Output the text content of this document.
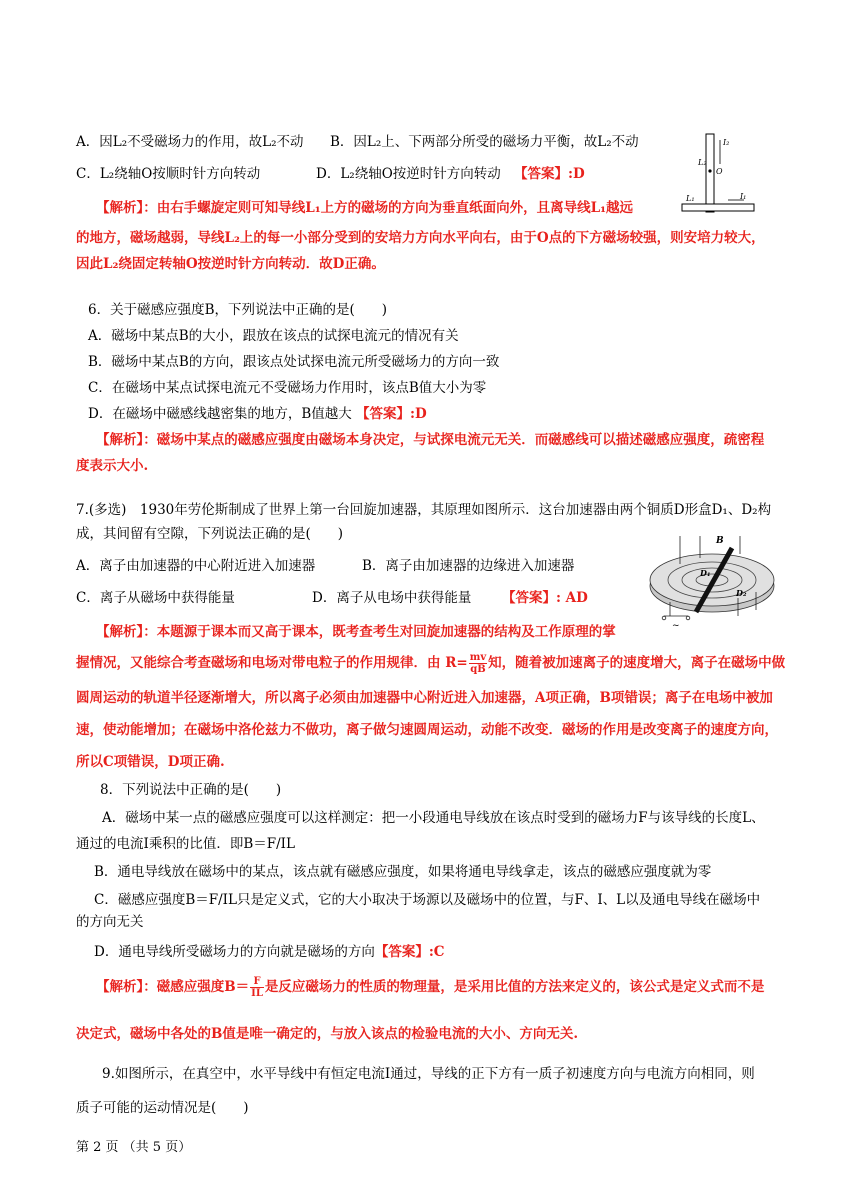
A．因L₂不受磁场力的作用，故L₂不动 B．因L₂上、下两部分所受的磁场力平衡，故L₂不动
C．L₂绕轴O按顺时针方向转动	D．L₂绕轴O按逆时针方向转动 【答案】:D
I₂
L₂
O
L₁	I₁
【解析】：由右手螺旋定则可知导线L₁上方的磁场的方向为垂直纸面向外，且离导线L₁越远
的地方，磁场越弱，导线L₂上的每一小部分受到的安培力方向水平向右，由于O点的下方磁场较强，则安培力较大，
因此L₂绕固定转轴O按逆时针方向转动．故D正确。
6．关于磁感应强度B，下列说法中正确的是(　　)
A．磁场中某点B的大小，跟放在该点的试探电流元的情况有关
B．磁场中某点B的方向，跟该点处试探电流元所受磁场力的方向一致
C．在磁场中某点试探电流元不受磁场力作用时，该点B值大小为零
D．在磁场中磁感线越密集的地方，B值越大 【答案】:D
【解析】：磁场中某点的磁感应强度由磁场本身决定，与试探电流元无关．而磁感线可以描述磁感应强度，疏密程
度表示大小.
7.(多选)　1930年劳伦斯制成了世界上第一台回旋加速器，其原理如图所示．这台加速器由两个铜质D形盒D₁、D₂构
成，其间留有空隙，下列说法正确的是(　　)
A．离子由加速器的中心附近进入加速器	B．离子由加速器的边缘进入加速器
C．离子从磁场中获得能量	D．离子从电场中获得能量 【答案】: AD
B
D₁
D₂
~
【解析】：本题源于课本而又高于课本，既考查考生对回旋加速器的结构及工作原理的掌
握情况，又能综合考查磁场和电场对带电粒子的作用规律．由 $R= \frac{mv}{qB}$ 知，随着被加速离子的速度增大，离子在磁场中做
圆周运动的轨道半径逐渐增大，所以离子必须由加速器中心附近进入加速器，A项正确，B项错误；离子在电场中被加
速，使动能增加；在磁场中洛伦兹力不做功，离子做匀速圆周运动，动能不改变．磁场的作用是改变离子的速度方向，
所以C项错误，D项正确.
8．下列说法中正确的是(　　)
A．磁场中某一点的磁感应强度可以这样测定：把一小段通电导线放在该点时受到的磁场力F与该导线的长度L、
通过的电流I乘积的比值．即B＝F/IL
B．通电导线放在磁场中的某点，该点就有磁感应强度，如果将通电导线拿走，该点的磁感应强度就为零
C．磁感应强度B＝F/IL只是定义式，它的大小取决于场源以及磁场中的位置，与F、I、L以及通电导线在磁场中
的方向无关
D．通电导线所受磁场力的方向就是磁场的方向【答案】:C
【解析】：磁感应强度$B= \frac{F}{IL}$ 是反应磁场力的性质的物理量，是采用比值的方法来定义的，该公式是定义式而不是
决定式，磁场中各处的B值是唯一确定的，与放入该点的检验电流的大小、方向无关.
9.如图所示，在真空中，水平导线中有恒定电流I通过，导线的正下方有一质子初速度方向与电流方向相同，则
质子可能的运动情况是(　　)
第 2 页 （共 5 页）
